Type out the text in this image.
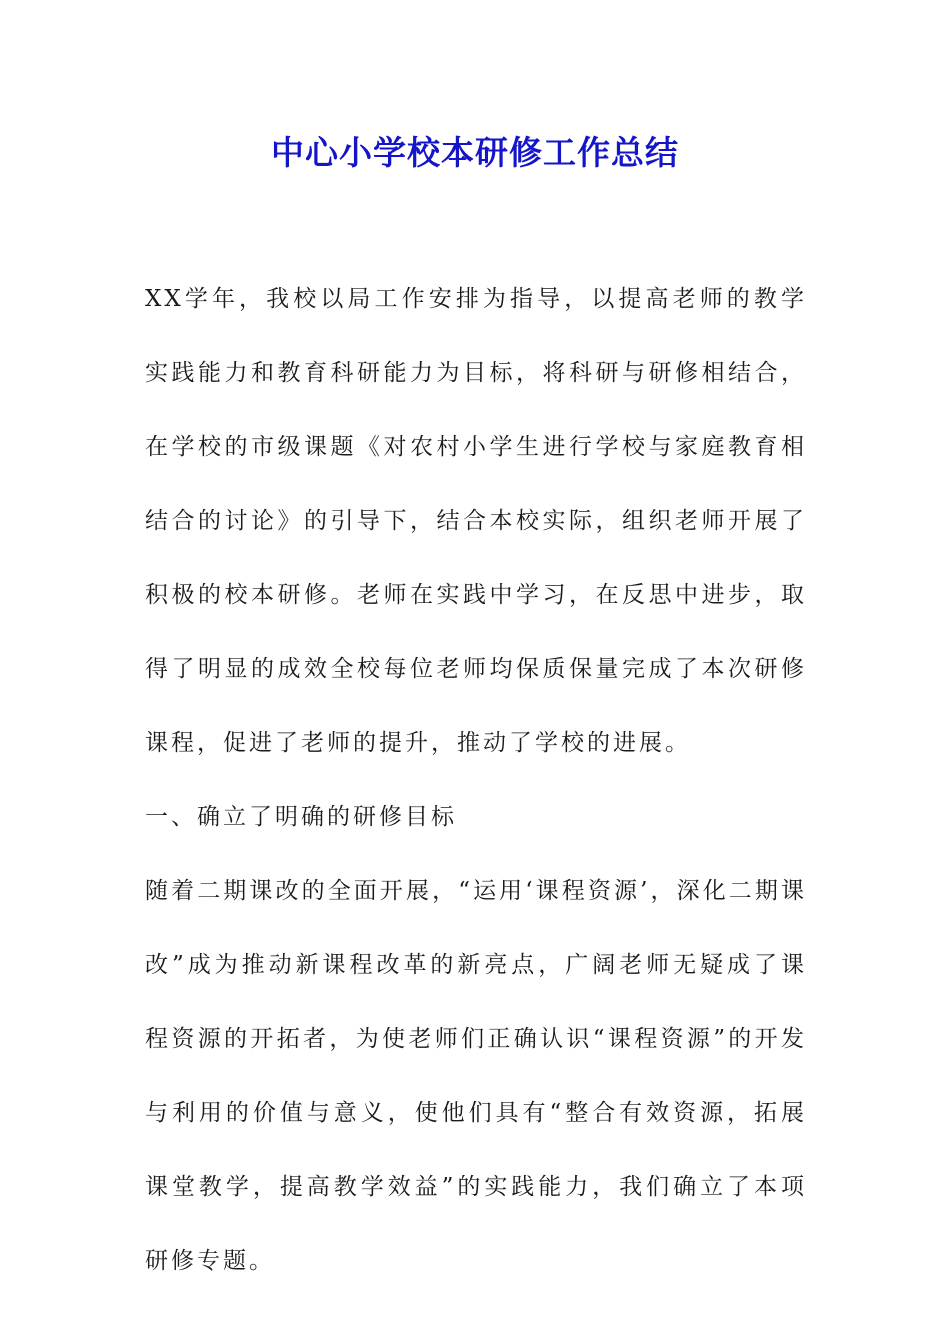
中心小学校本研修工作总结

XX学年，我校以局工作安排为指导，以提高老师的教学实践能力和教育科研能力为目标，将科研与研修相结合，在学校的市级课题《对农村小学生进行学校与家庭教育相结合的讨论》的引导下，结合本校实际，组织老师开展了积极的校本研修。老师在实践中学习，在反思中进步，取得了明显的成效全校每位老师均保质保量完成了本次研修课程，促进了老师的提升，推动了学校的进展。

一、确立了明确的研修目标

随着二期课改的全面开展，“运用‘课程资源’，深化二期课改”成为推动新课程改革的新亮点，广阔老师无疑成了课程资源的开拓者，为使老师们正确认识“课程资源”的开发与利用的价值与意义，使他们具有“整合有效资源，拓展课堂教学，提高教学效益”的实践能力，我们确立了本项研修专题。
